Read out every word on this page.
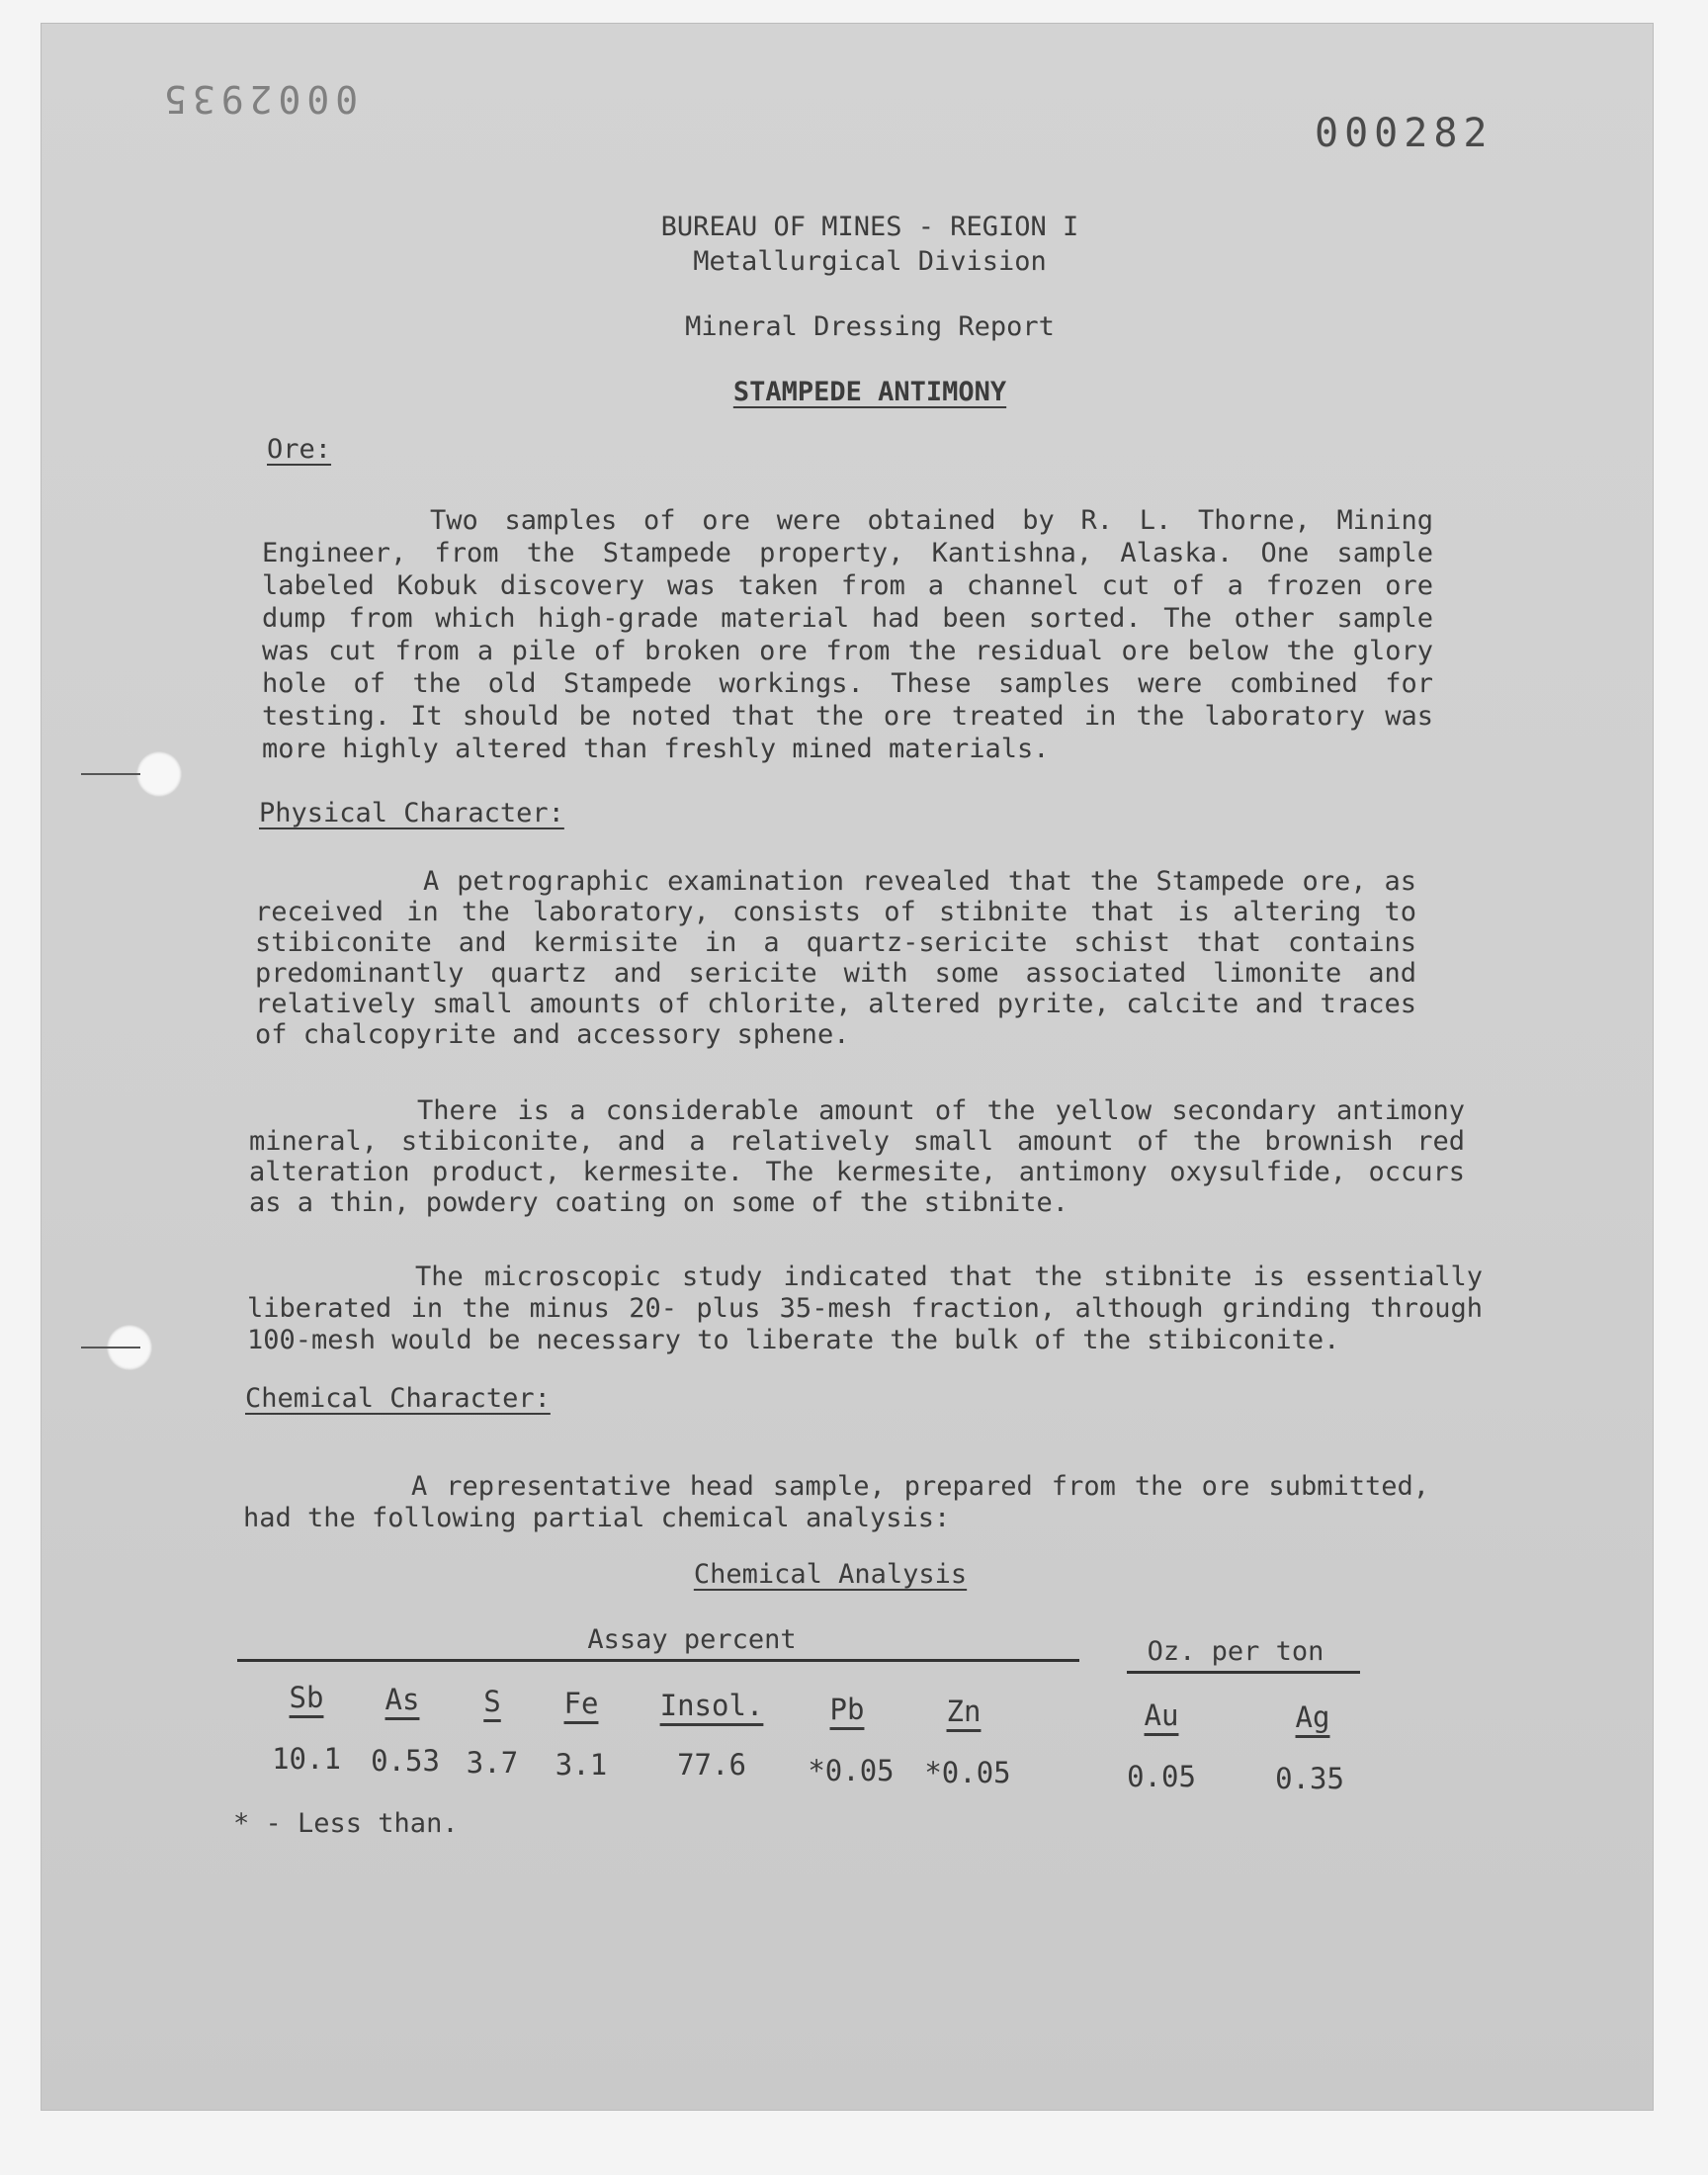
0002935
000282
BUREAU OF MINES - REGION I
Metallurgical Division
Mineral Dressing Report
STAMPEDE ANTIMONY
Ore:
Two samples of ore were obtained by R. L. Thorne, Mining Engineer, from the Stampede property, Kantishna, Alaska. One sample labeled Kobuk discovery was taken from a channel cut of a frozen ore dump from which high-grade material had been sorted. The other sample was cut from a pile of broken ore from the residual ore below the glory hole of the old Stampede workings. These samples were combined for testing. It should be noted that the ore treated in the laboratory was more highly altered than freshly mined materials.
Physical Character:
A petrographic examination revealed that the Stampede ore, as received in the laboratory, consists of stibnite that is altering to stibiconite and kermisite in a quartz-sericite schist that contains predominantly quartz and sericite with some associated limonite and relatively small amounts of chlorite, altered pyrite, calcite and traces of chalcopyrite and accessory sphene.
There is a considerable amount of the yellow secondary antimony mineral, stibiconite, and a relatively small amount of the brownish red alteration product, kermesite. The kermesite, antimony oxysulfide, occurs as a thin, powdery coating on some of the stibnite.
The microscopic study indicated that the stibnite is essentially liberated in the minus 20- plus 35-mesh fraction, although grinding through 100-mesh would be necessary to liberate the bulk of the stibiconite.
Chemical Character:
A representative head sample, prepared from the ore submitted, had the following partial chemical analysis:
Chemical Analysis
Assay percent	Oz. per ton
Sb	As	S	Fe	Insol.	Pb	Zn	Au	Ag
10.1	0.53 3.7	3.1	77.6	*0.05	*0.05	0.05	0.35
* - Less than.
